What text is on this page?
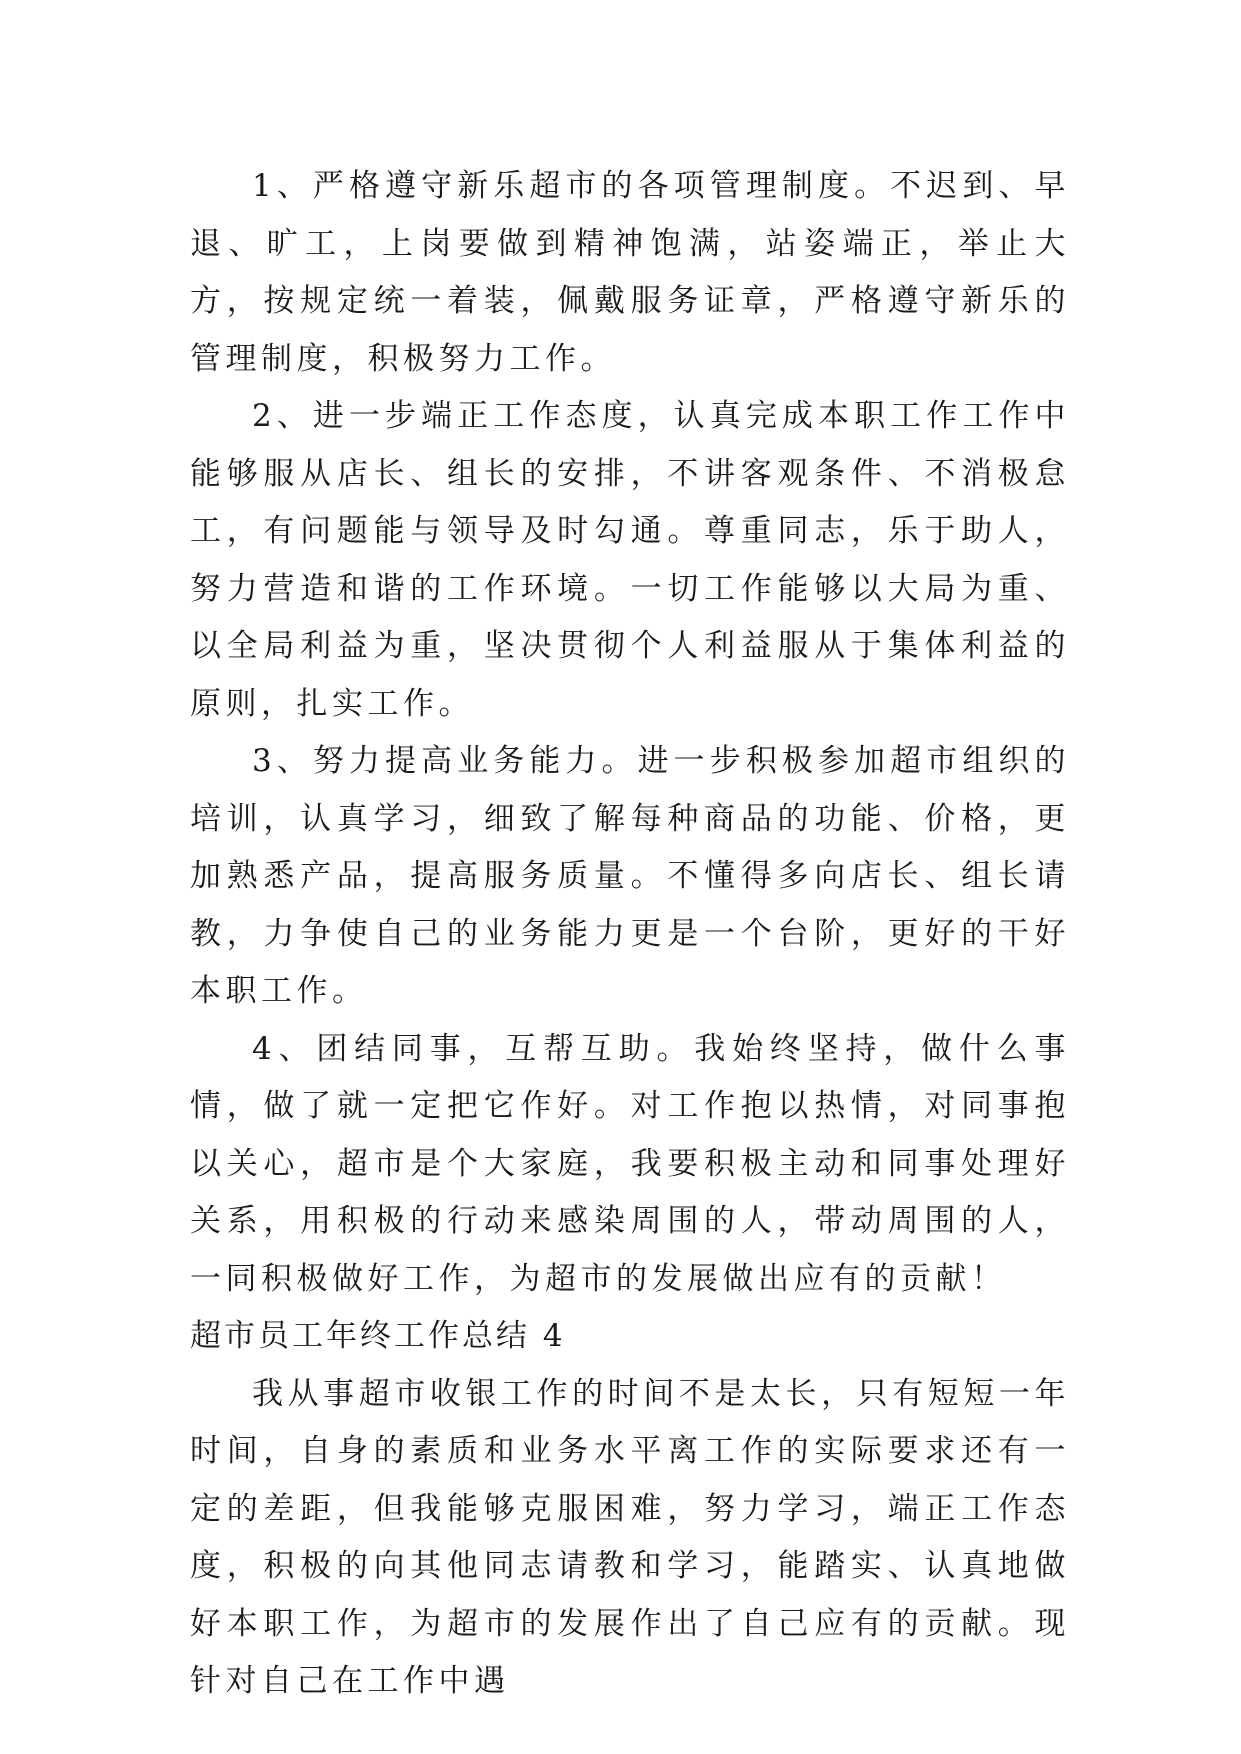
1、严格遵守新乐超市的各项管理制度。不迟到、早退、旷工，上岗要做到精神饱满，站姿端正，举止大方，按规定统一着装，佩戴服务证章，严格遵守新乐的管理制度，积极努力工作。

2、进一步端正工作态度，认真完成本职工作工作中能够服从店长、组长的安排，不讲客观条件、不消极怠工，有问题能与领导及时勾通。尊重同志，乐于助人，努力营造和谐的工作环境。一切工作能够以大局为重、以全局利益为重，坚决贯彻个人利益服从于集体利益的原则，扎实工作。

3、努力提高业务能力。进一步积极参加超市组织的培训，认真学习，细致了解每种商品的功能、价格，更加熟悉产品，提高服务质量。不懂得多向店长、组长请教，力争使自己的业务能力更是一个台阶，更好的干好本职工作。

4、团结同事，互帮互助。我始终坚持，做什么事情，做了就一定把它作好。对工作抱以热情，对同事抱以关心，超市是个大家庭，我要积极主动和同事处理好关系，用积极的行动来感染周围的人，带动周围的人，一同积极做好工作，为超市的发展做出应有的贡献！

超市员工年终工作总结 4

我从事超市收银工作的时间不是太长，只有短短一年时间，自身的素质和业务水平离工作的实际要求还有一定的差距，但我能够克服困难，努力学习，端正工作态度，积极的向其他同志请教和学习，能踏实、认真地做好本职工作，为超市的发展作出了自己应有的贡献。现针对自己在工作中遇
